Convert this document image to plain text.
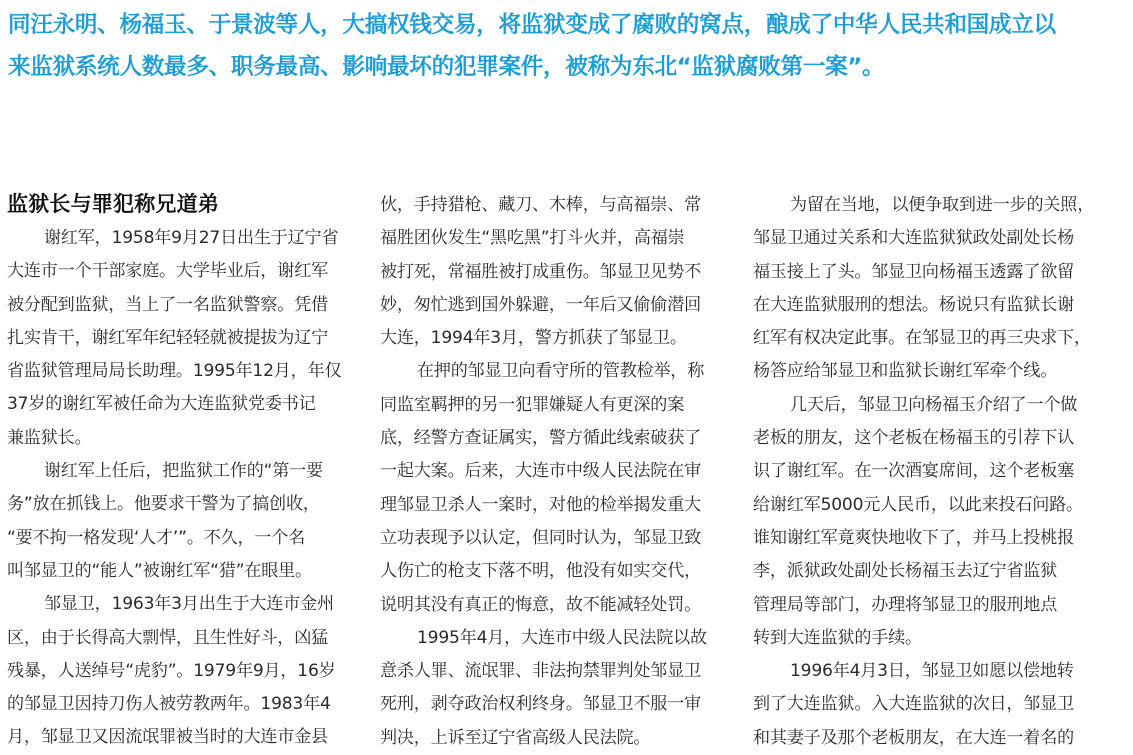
同汪永明、杨福玉、于景波等人，大搞权钱交易，将监狱变成了腐败的窝点，酿成了中华人民共和国成立以
来监狱系统人数最多、职务最高、影响最坏的犯罪案件，被称为东北“监狱腐败第一案”。
监狱长与罪犯称兄道弟

谢红军，1958年9月27日出生于辽宁省
大连市一个干部家庭。大学毕业后，谢红军
被分配到监狱，当上了一名监狱警察。凭借
扎实肯干，谢红军年纪轻轻就被提拔为辽宁
省监狱管理局局长助理。1995年12月，年仅
37岁的谢红军被任命为大连监狱党委书记
兼监狱长。

谢红军上任后，把监狱工作的“第一要
务”放在抓钱上。他要求干警为了搞创收，
“要不拘一格发现‘人才’”。不久，一个名
叫邹显卫的“能人”被谢红军“猎”在眼里。

邹显卫，1963年3月出生于大连市金州
区，由于长得高大剽悍，且生性好斗，凶猛
残暴，人送绰号“虎豹”。1979年9月，16岁
的邹显卫因持刀伤人被劳教两年。1983年4
月，邹显卫又因流氓罪被当时的大连市金县

伙，手持猎枪、藏刀、木棒，与高福崇、常
福胜团伙发生“黑吃黑”打斗火并，高福崇
被打死，常福胜被打成重伤。邹显卫见势不
妙，匆忙逃到国外躲避，一年后又偷偷潜回
大连，1994年3月，警方抓获了邹显卫。

在押的邹显卫向看守所的管教检举，称
同监室羁押的另一犯罪嫌疑人有更深的案
底，经警方查证属实，警方循此线索破获了
一起大案。后来，大连市中级人民法院在审
理邹显卫杀人一案时，对他的检举揭发重大
立功表现予以认定，但同时认为，邹显卫致
人伤亡的枪支下落不明，他没有如实交代，
说明其没有真正的悔意，故不能减轻处罚。

1995年4月，大连市中级人民法院以故
意杀人罪、流氓罪、非法拘禁罪判处邹显卫
死刑，剥夺政治权利终身。邹显卫不服一审
判决，上诉至辽宁省高级人民法院。

为留在当地，以便争取到进一步的关照，
邹显卫通过关系和大连监狱狱政处副处长杨
福玉接上了头。邹显卫向杨福玉透露了欲留
在大连监狱服刑的想法。杨说只有监狱长谢
红军有权决定此事。在邹显卫的再三央求下，
杨答应给邹显卫和监狱长谢红军牵个线。

几天后，邹显卫向杨福玉介绍了一个做
老板的朋友，这个老板在杨福玉的引荐下认
识了谢红军。在一次酒宴席间，这个老板塞
给谢红军5000元人民币，以此来投石问路。
谁知谢红军竟爽快地收下了，并马上投桃报
李，派狱政处副处长杨福玉去辽宁省监狱
管理局等部门，办理将邹显卫的服刑地点
转到大连监狱的手续。

1996年4月3日，邹显卫如愿以偿地转
到了大连监狱。入大连监狱的次日，邹显卫
和其妻子及那个老板朋友，在大连一着名的
